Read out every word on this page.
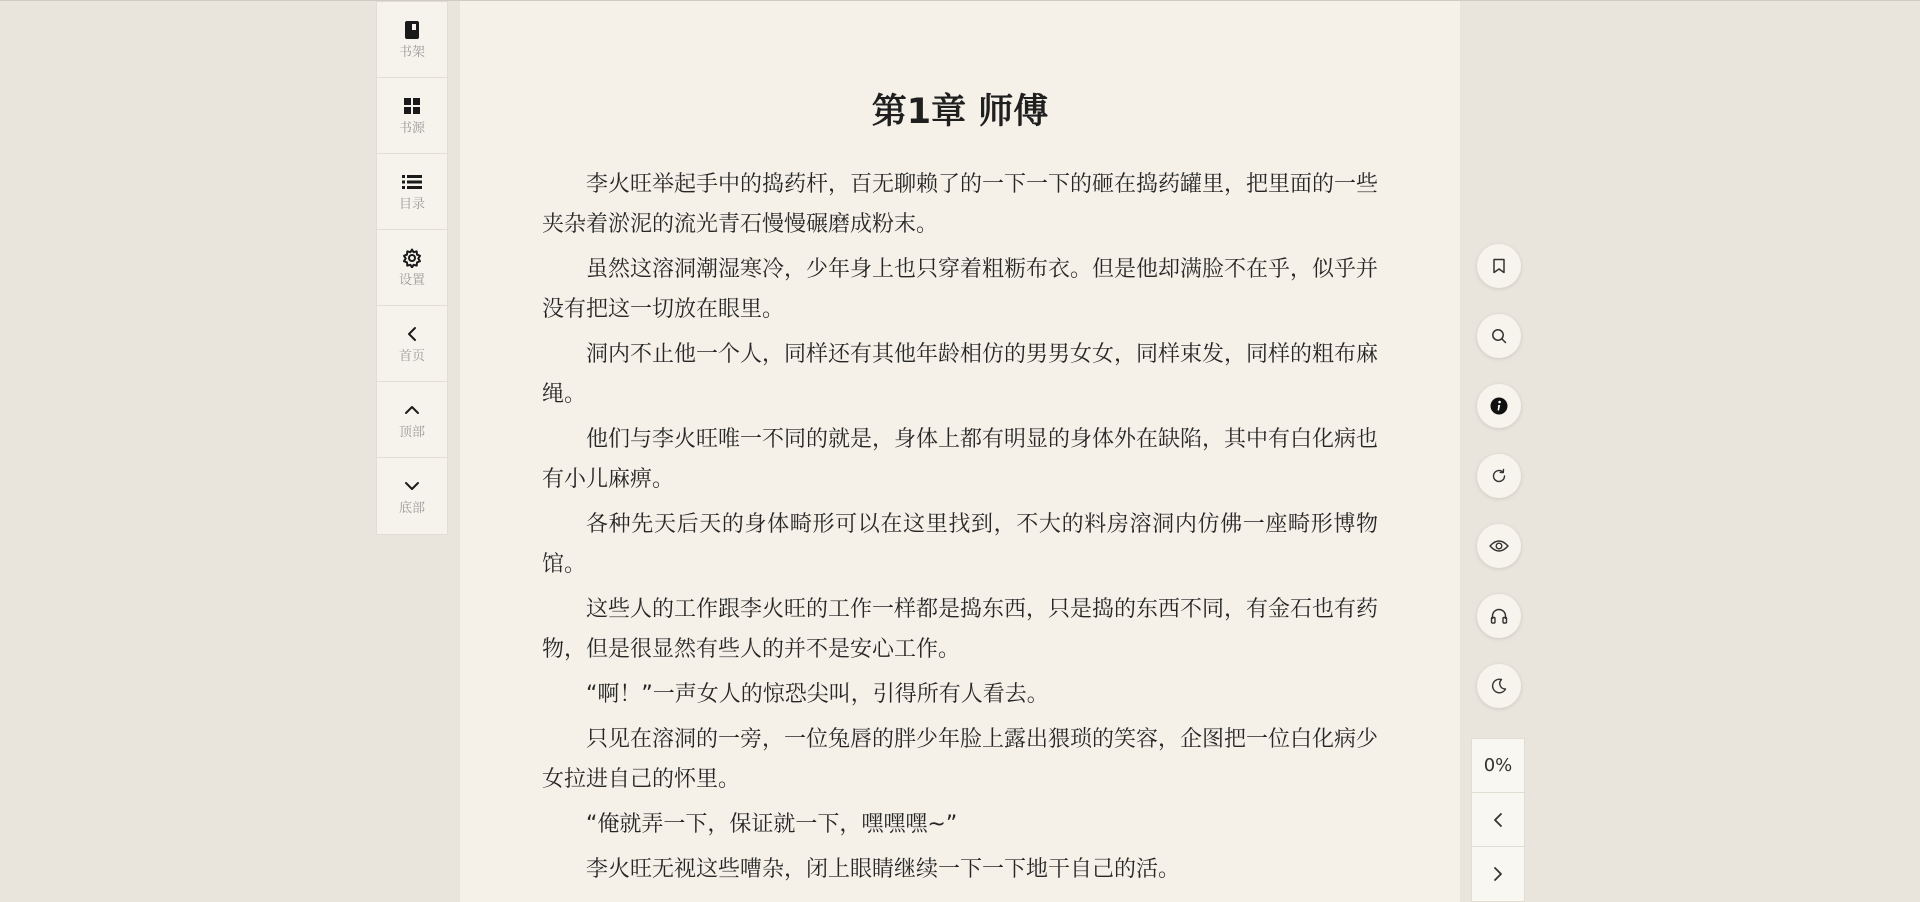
书架
书源
目录
设置
首页
顶部
底部
第1章 师傅

李火旺举起手中的捣药杆，百无聊赖了的一下一下的砸在捣药罐里，把里面的一些夹杂着淤泥的流光青石慢慢碾磨成粉末。

虽然这溶洞潮湿寒冷，少年身上也只穿着粗粝布衣。但是他却满脸不在乎，似乎并没有把这一切放在眼里。

洞内不止他一个人，同样还有其他年龄相仿的男男女女，同样束发，同样的粗布麻绳。

他们与李火旺唯一不同的就是，身体上都有明显的身体外在缺陷，其中有白化病也有小儿麻痹。

各种先天后天的身体畸形可以在这里找到，不大的料房溶洞内仿佛一座畸形博物馆。

这些人的工作跟李火旺的工作一样都是捣东西，只是捣的东西不同，有金石也有药物，但是很显然有些人的并不是安心工作。

“啊！”一声女人的惊恐尖叫，引得所有人看去。

只见在溶洞的一旁，一位兔唇的胖少年脸上露出猥琐的笑容，企图把一位白化病少女拉进自己的怀里。

“俺就弄一下，保证就一下，嘿嘿嘿~”

李火旺无视这些嘈杂，闭上眼睛继续一下一下地干自己的活。

0%
